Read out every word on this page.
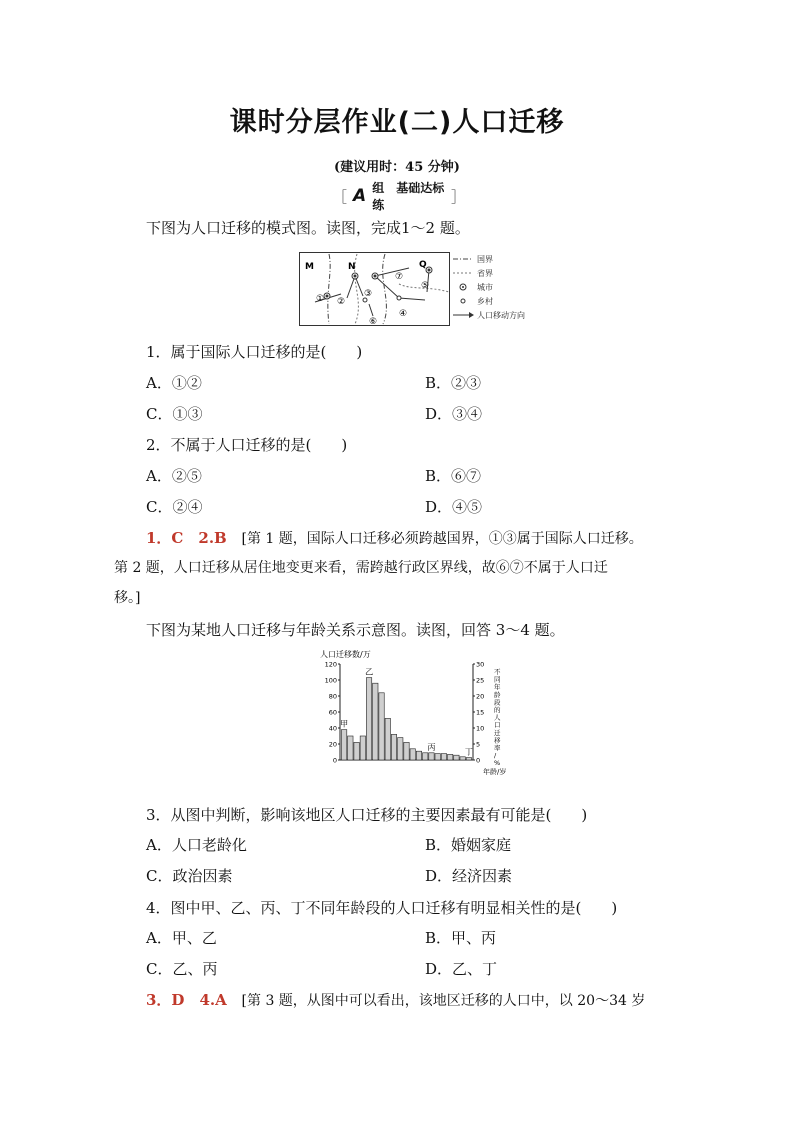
课时分层作业(二)人口迁移
(建议用时：45 分钟)
［ A 组　基础达标练	］
下图为人口迁移的模式图。读图，完成1～2 题。
M	N	Q
① ②
③
④
⑤
⑥
⑦
国界
省界
城市
乡村
人口移动方向
1．属于国际人口迁移的是(　　)
A．①②	B．②③
C．①③	D．③④
2．不属于人口迁移的是(　　)
A．②⑤	B．⑥⑦
C．②④	D．④⑤
1．C　2.B [第 1 题，国际人口迁移必须跨越国界，①③属于国际人口迁移。
第 2 题，人口迁移从居住地变更来看，需跨越行政区界线，故⑥⑦不属于人口迁
移。]
下图为某地人口迁移与年龄关系示意图。读图，回答 3～4 题。
人口迁移数/万
年龄/岁
不
同
年
龄
段
的
人
口
迁
移
率
/
%
0
20
40
60
80
100
120
0
5
10
15
20
25
30
甲
乙
丙
丁
3．从图中判断，影响该地区人口迁移的主要因素最有可能是(　　)
A．人口老龄化	B．婚姻家庭
C．政治因素	D．经济因素
4．图中甲、乙、丙、丁不同年龄段的人口迁移有明显相关性的是(　　)
A．甲、乙	B．甲、丙
C．乙、丙	D．乙、丁
3．D　4.A [第 3 题，从图中可以看出，该地区迁移的人口中，以 20～34 岁
